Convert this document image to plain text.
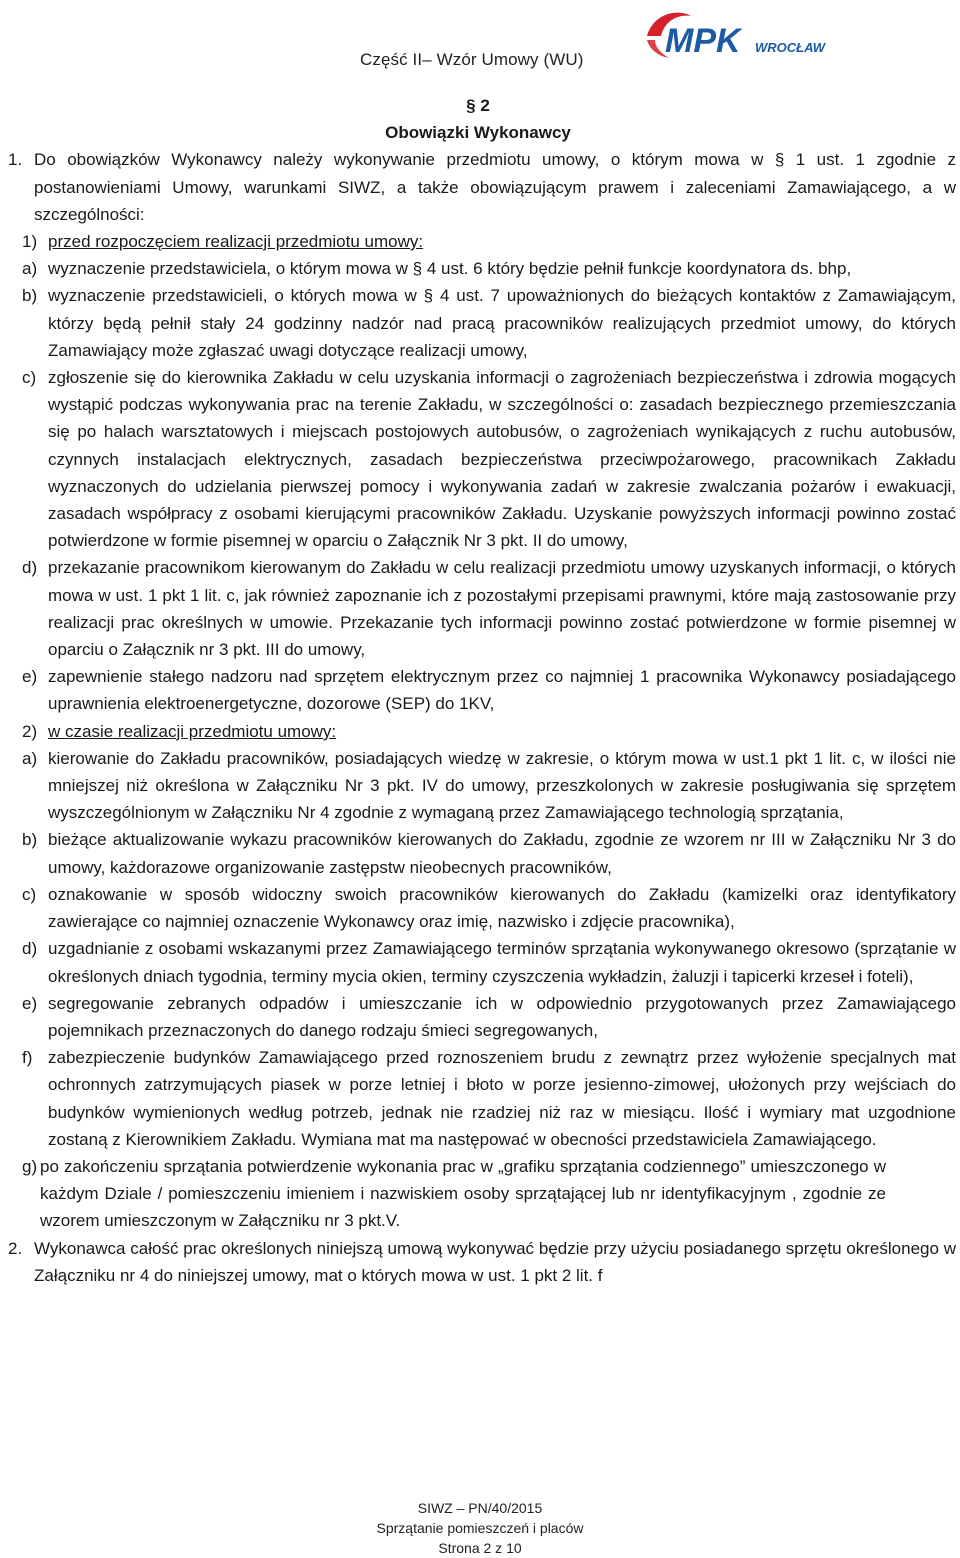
Część II– Wzór Umowy (WU) MPK WROCŁAW
§ 2
Obowiązki Wykonawcy
1. Do obowiązków Wykonawcy należy wykonywanie przedmiotu umowy, o którym mowa w § 1 ust. 1 zgodnie z postanowieniami Umowy, warunkami SIWZ, a także obowiązującym prawem i zaleceniami Zamawiającego, a w szczególności:
1) przed rozpoczęciem realizacji przedmiotu umowy:
a) wyznaczenie przedstawiciela, o którym mowa w § 4 ust. 6 który będzie pełnił funkcje koordynatora ds. bhp,
b) wyznaczenie przedstawicieli, o których mowa w § 4 ust. 7 upoważnionych do bieżących kontaktów z Zamawiającym, którzy będą pełnił stały 24 godzinny nadzór nad pracą pracowników realizujących przedmiot umowy, do których Zamawiający może zgłaszać uwagi dotyczące realizacji umowy,
c) zgłoszenie się do kierownika Zakładu w celu uzyskania informacji o zagrożeniach bezpieczeństwa i zdrowia mogących wystąpić podczas wykonywania prac na terenie Zakładu, w szczególności o: zasadach bezpiecznego przemieszczania się po halach warsztatowych i miejscach postojowych autobusów, o zagrożeniach wynikających z ruchu autobusów, czynnych instalacjach elektrycznych, zasadach bezpieczeństwa przeciwpożarowego, pracownikach Zakładu wyznaczonych do udzielania pierwszej pomocy i wykonywania zadań w zakresie zwalczania pożarów i ewakuacji, zasadach współpracy z osobami kierującymi pracowników Zakładu. Uzyskanie powyższych informacji powinno zostać potwierdzone w formie pisemnej w oparciu o Załącznik Nr 3 pkt. II do umowy,
d) przekazanie pracownikom kierowanym do Zakładu w celu realizacji przedmiotu umowy uzyskanych informacji, o których mowa w ust. 1 pkt 1 lit. c, jak również zapoznanie ich z pozostałymi przepisami prawnymi, które mają zastosowanie przy realizacji prac określnych w umowie. Przekazanie tych informacji powinno zostać potwierdzone w formie pisemnej w oparciu o Załącznik nr 3 pkt. III do umowy,
e) zapewnienie stałego nadzoru nad sprzętem elektrycznym przez co najmniej 1 pracownika Wykonawcy posiadającego uprawnienia elektroenergetyczne, dozorowe (SEP) do 1KV,
2) w czasie realizacji przedmiotu umowy:
a) kierowanie do Zakładu pracowników, posiadających wiedzę w zakresie, o którym mowa w ust.1 pkt 1 lit. c, w ilości nie mniejszej niż określona w Załączniku Nr 3 pkt. IV do umowy, przeszkolonych w zakresie posługiwania się sprzętem wyszczególnionym w Załączniku Nr 4 zgodnie z wymaganą przez Zamawiającego technologią sprzątania,
b) bieżące aktualizowanie wykazu pracowników kierowanych do Zakładu, zgodnie ze wzorem nr III w Załączniku Nr 3 do umowy, każdorazowe organizowanie zastępstw nieobecnych pracowników,
c) oznakowanie w sposób widoczny swoich pracowników kierowanych do Zakładu (kamizelki oraz identyfikatory zawierające co najmniej oznaczenie Wykonawcy oraz imię, nazwisko i zdjęcie pracownika),
d) uzgadnianie z osobami wskazanymi przez Zamawiającego terminów sprzątania wykonywanego okresowo (sprzątanie w określonych dniach tygodnia, terminy mycia okien, terminy czyszczenia wykładzin, żaluzji i tapicerki krzeseł i foteli),
e) segregowanie zebranych odpadów i umieszczanie ich w odpowiednio przygotowanych przez Zamawiającego pojemnikach przeznaczonych do danego rodzaju śmieci segregowanych,
f) zabezpieczenie budynków Zamawiającego przed roznoszeniem brudu z zewnątrz przez wyłożenie specjalnych mat ochronnych zatrzymujących piasek w porze letniej i błoto w porze jesienno-zimowej, ułożonych przy wejściach do budynków wymienionych według potrzeb, jednak nie rzadziej niż raz w miesiącu. Ilość i wymiary mat uzgodnione zostaną z Kierownikiem Zakładu. Wymiana mat ma następować w obecności przedstawiciela Zamawiającego.
g) po zakończeniu sprzątania potwierdzenie wykonania prac w „grafiku sprzątania codziennego” umieszczonego w każdym Dziale / pomieszczeniu imieniem i nazwiskiem osoby sprzątającej lub nr identyfikacyjnym , zgodnie ze wzorem umieszczonym w Załączniku nr 3 pkt.V.
2. Wykonawca całość prac określonych niniejszą umową wykonywać będzie przy użyciu posiadanego sprzętu określonego w Załączniku nr 4 do niniejszej umowy, mat o których mowa w ust. 1 pkt 2 lit. f
SIWZ – PN/40/2015
Sprzątanie pomieszczeń i placów
Strona 2 z 10
